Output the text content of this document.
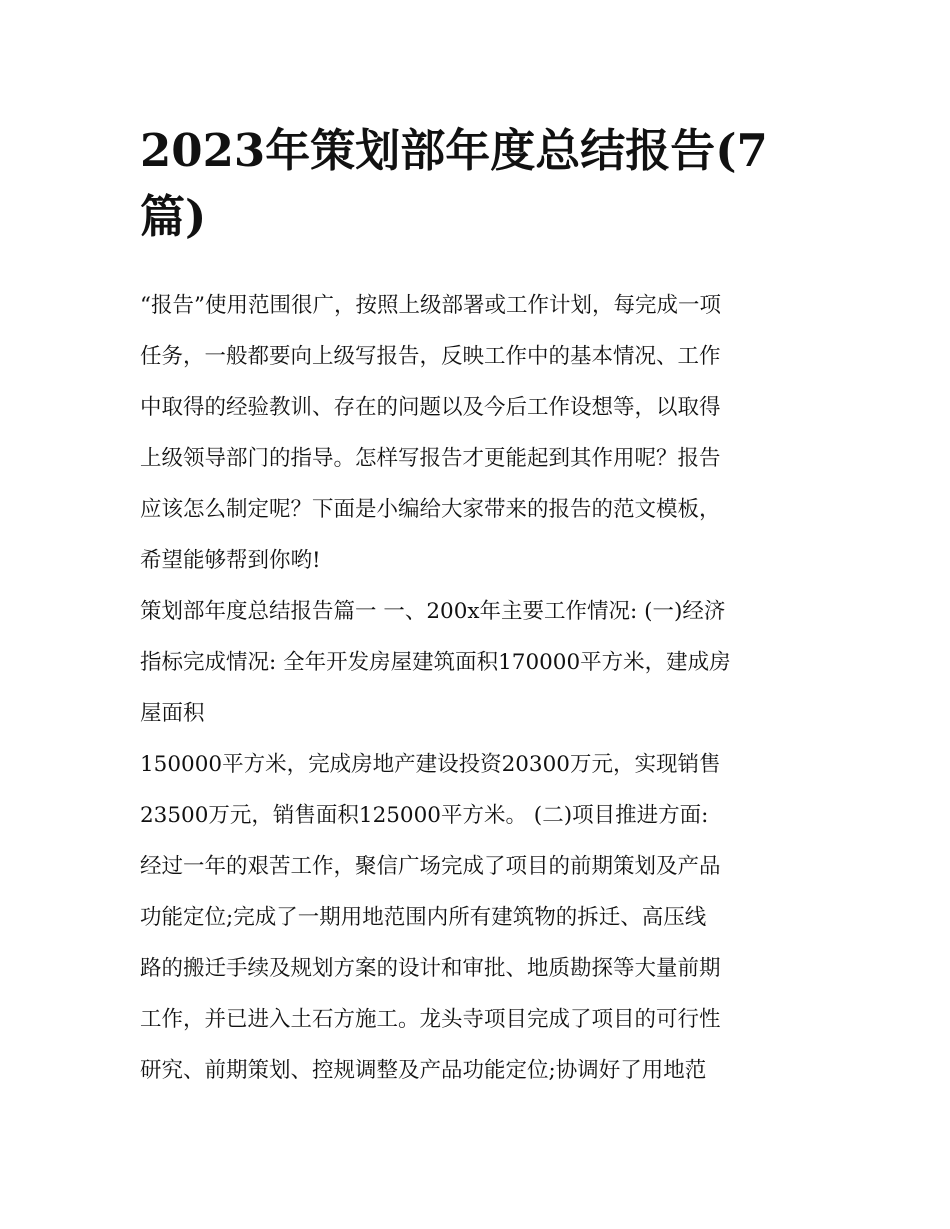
2023年策划部年度总结报告(7
篇)
“报告”使用范围很广，按照上级部署或工作计划，每完成一项
任务，一般都要向上级写报告，反映工作中的基本情况、工作
中取得的经验教训、存在的问题以及今后工作设想等，以取得
上级领导部门的指导。怎样写报告才更能起到其作用呢？报告
应该怎么制定呢？下面是小编给大家带来的报告的范文模板，
希望能够帮到你哟!
策划部年度总结报告篇一 一、200x年主要工作情况: (一)经济
指标完成情况: 全年开发房屋建筑面积170000平方米，建成房
屋面积
150000平方米，完成房地产建设投资20300万元，实现销售
23500万元，销售面积125000平方米。 (二)项目推进方面:
经过一年的艰苦工作，聚信广场完成了项目的前期策划及产品
功能定位;完成了一期用地范围内所有建筑物的拆迁、高压线
路的搬迁手续及规划方案的设计和审批、地质勘探等大量前期
工作，并已进入土石方施工。龙头寺项目完成了项目的可行性
研究、前期策划、控规调整及产品功能定位;协调好了用地范
